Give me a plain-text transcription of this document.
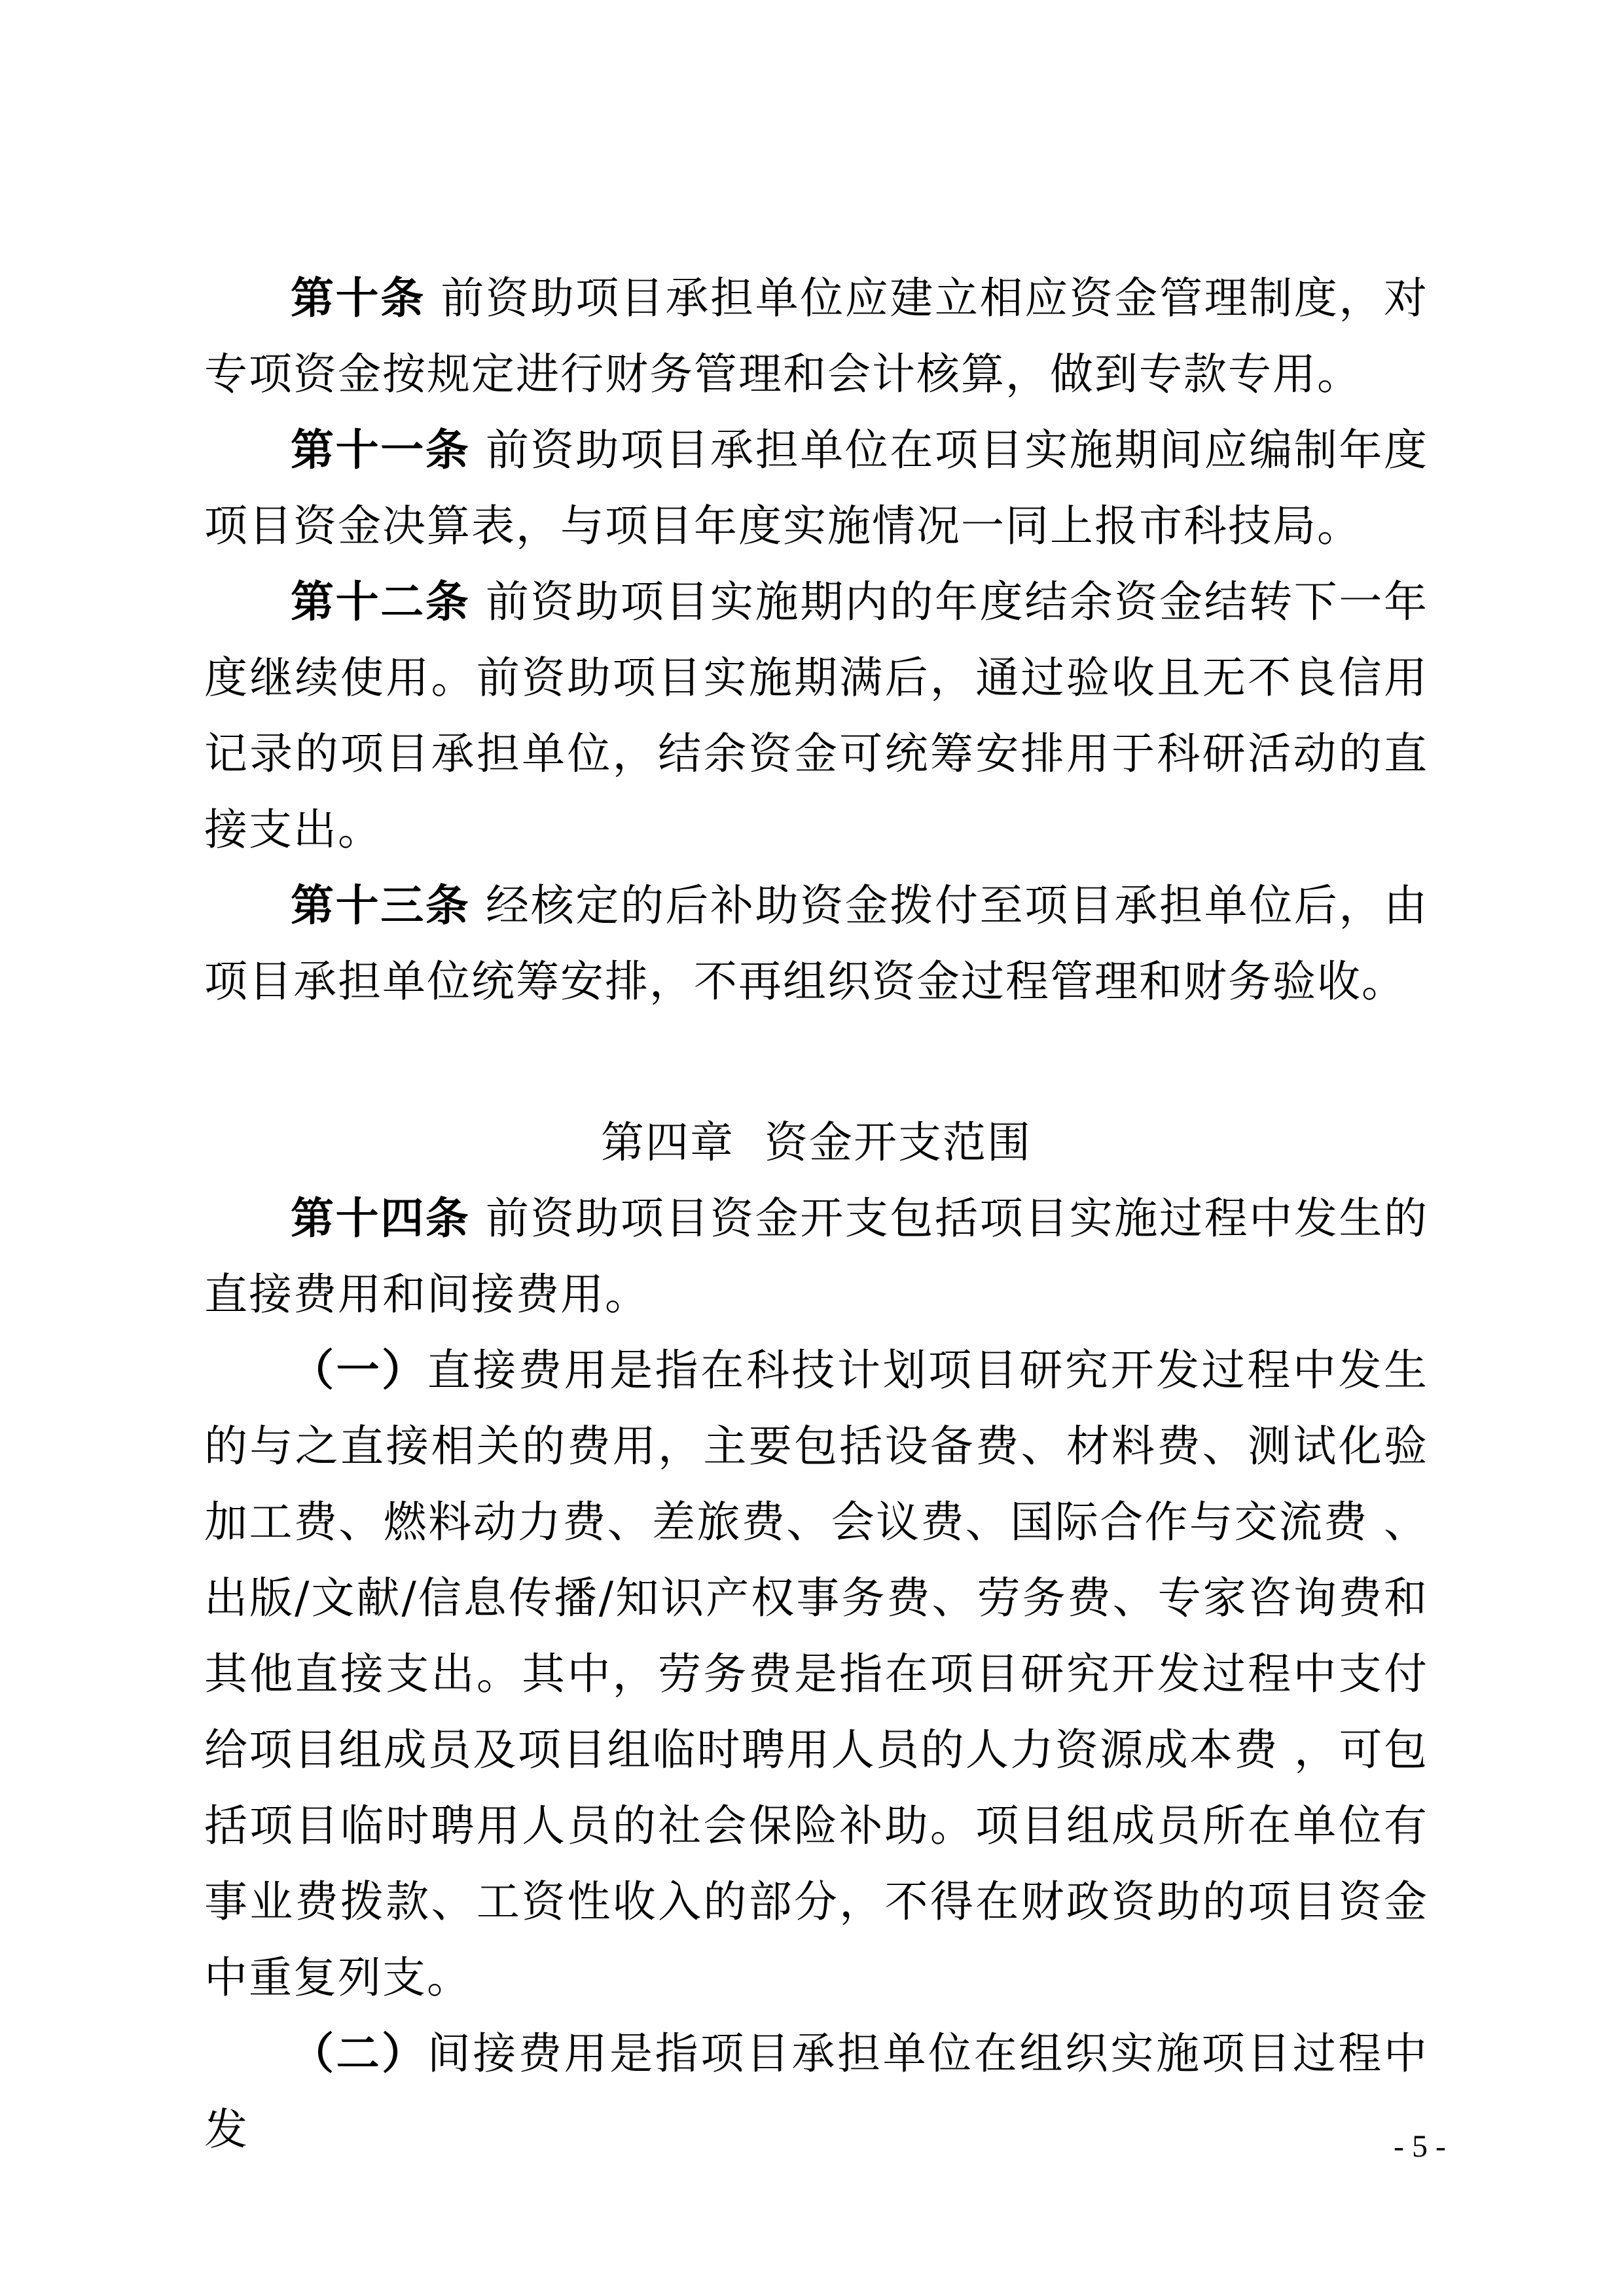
第十条 前资助项目承担单位应建立相应资金管理制度，对专项资金按规定进行财务管理和会计核算，做到专款专用。

第十一条 前资助项目承担单位在项目实施期间应编制年度项目资金决算表，与项目年度实施情况一同上报市科技局。

第十二条 前资助项目实施期内的年度结余资金结转下一年度继续使用。前资助项目实施期满后，通过验收且无不良信用记录的项目承担单位，结余资金可统筹安排用于科研活动的直接支出。

第十三条 经核定的后补助资金拨付至项目承担单位后，由项目承担单位统筹安排，不再组织资金过程管理和财务验收。

第四章  资金开支范围

第十四条 前资助项目资金开支包括项目实施过程中发生的直接费用和间接费用。

（一）直接费用是指在科技计划项目研究开发过程中发生的与之直接相关的费用，主要包括设备费、材料费、测试化验加工费、燃料动力费、差旅费、会议费、国际合作与交流费 、出版/文献/信息传播/知识产权事务费、劳务费、专家咨询费和其他直接支出。其中，劳务费是指在项目研究开发过程中支付给项目组成员及项目组临时聘用人员的人力资源成本费 ，可包括项目临时聘用人员的社会保险补助。项目组成员所在单位有事业费拨款、工资性收入的部分，不得在财政资助的项目资金中重复列支。

（二）间接费用是指项目承担单位在组织实施项目过程中发	- 5 -
